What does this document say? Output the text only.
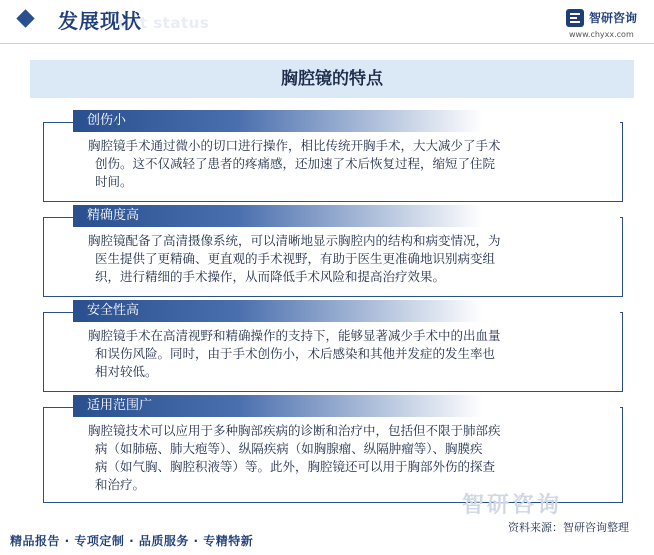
ent status
发展现状	智研咨询
www.chyxx.com
胸腔镜的特点
创伤小
胸腔镜手术通过微小的切口进行操作，相比传统开胸手术，大大减少了手术
创伤。这不仅减轻了患者的疼痛感，还加速了术后恢复过程，缩短了住院
时间。
精确度高
胸腔镜配备了高清摄像系统，可以清晰地显示胸腔内的结构和病变情况，为
医生提供了更精确、更直观的手术视野，有助于医生更准确地识别病变组
织，进行精细的手术操作，从而降低手术风险和提高治疗效果。
安全性高
胸腔镜手术在高清视野和精确操作的支持下，能够显著减少手术中的出血量
和误伤风险。同时，由于手术创伤小，术后感染和其他并发症的发生率也
相对较低。
适用范围广
胸腔镜技术可以应用于多种胸部疾病的诊断和治疗中，包括但不限于肺部疾
病（如肺癌、肺大疱等）、纵隔疾病（如胸腺瘤、纵隔肿瘤等）、胸膜疾
病（如气胸、胸腔积液等）等。此外，胸腔镜还可以用于胸部外伤的探查
和治疗。
智研咨询
资料来源：智研咨询整理
精品报告 · 专项定制 · 品质服务 · 专精特新
